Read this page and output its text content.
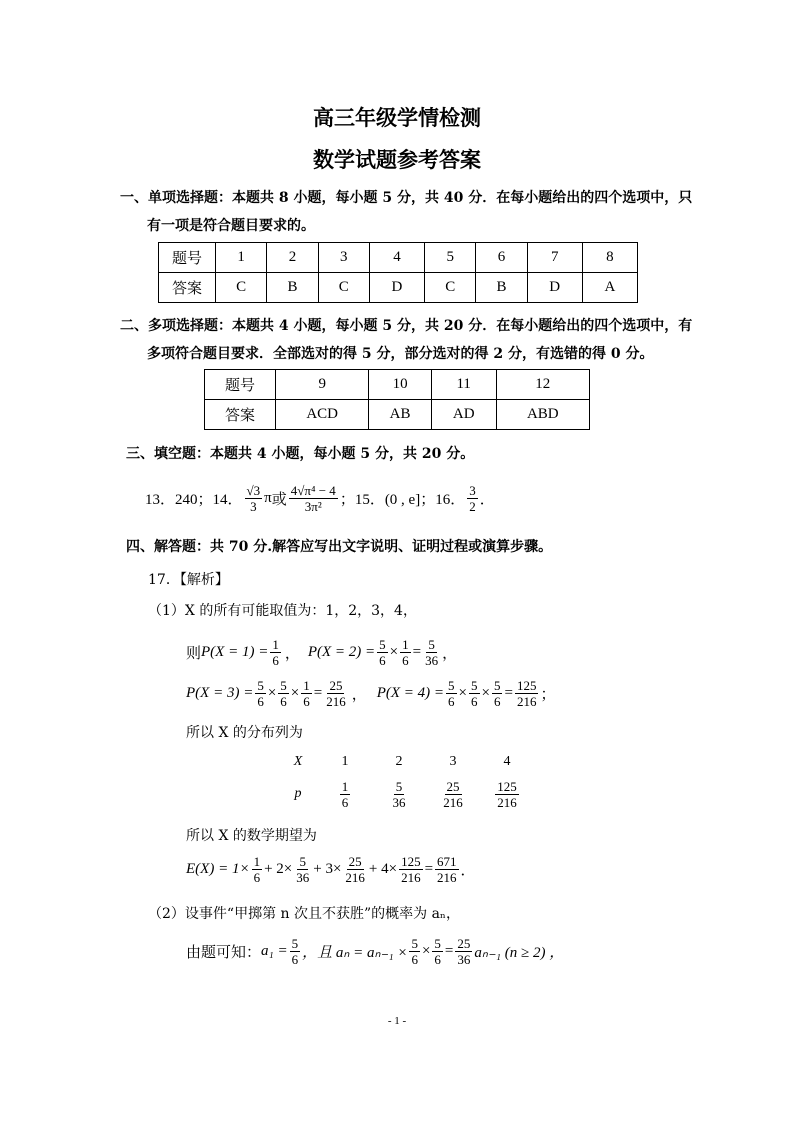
高三年级学情检测
数学试题参考答案
一、单项选择题：本题共 8 小题，每小题 5 分，共 40 分．在每小题给出的四个选项中，只
有一项是符合题目要求的。
题号	1	2	3	4	5	6	7	8
答案	C	B	C	D	C	B	D	A
二、多项选择题：本题共 4 小题，每小题 5 分，共 20 分．在每小题给出的四个选项中，有
多项符合题目要求．全部选对的得 5 分，部分选对的得 2 分，有选错的得 0 分。
题号	9	10	11	12
答案	ACD	AB	AD	ABD
三、填空题：本题共 4 小题，每小题 5 分，共 20 分。
13．240；14． $\frac{√3}{3}$ π 或 $\frac{\text{4√π⁴ − 4}}{\text{3π²}}$ ；15．(0 , e]；16． $\frac{3}{2}$ ．
四、解答题：共 70 分.解答应写出文字说明、证明过程或演算步骤。
17．【解析】
（1）X 的所有可能取值为：1，2，3，4，
则 $P(X = 1) = \frac{1}{6}$ ， $P(X = 2) = \frac{5}{6} \times \frac{1}{6} = \frac{5}{36}$ ，
$P(X = 3) = \frac{5}{6} \times \frac{5}{6} \times \frac{1}{6} = \frac{25}{216}$ ， $P(X = 4) = \frac{5}{6} \times \frac{5}{6} \times \frac{5}{6} = \frac{125}{216}$ ；
所以 X 的分布列为
X	1	2	3	4
p	$\frac{1}{6}$	$\frac{5}{36}$	$\frac{25}{216}$	$\frac{125}{216}$
所以 X 的数学期望为
$E(X) = 1\times \frac{1}{6} + 2\times \frac{5}{36} + 3\times \frac{25}{216} + 4\times \frac{125}{216} = \frac{671}{216}$ ．
（2）设事件“甲掷第 n 次且不获胜”的概率为 aₙ，
由题可知： $a_1 = \frac{5}{6}$ ，且 $a_n = a_{n-1} \times \frac{5}{6} \times \frac{5}{6} = \frac{25}{36} a_{n-1}$ (n ≥ 2) ，
- 1 -
